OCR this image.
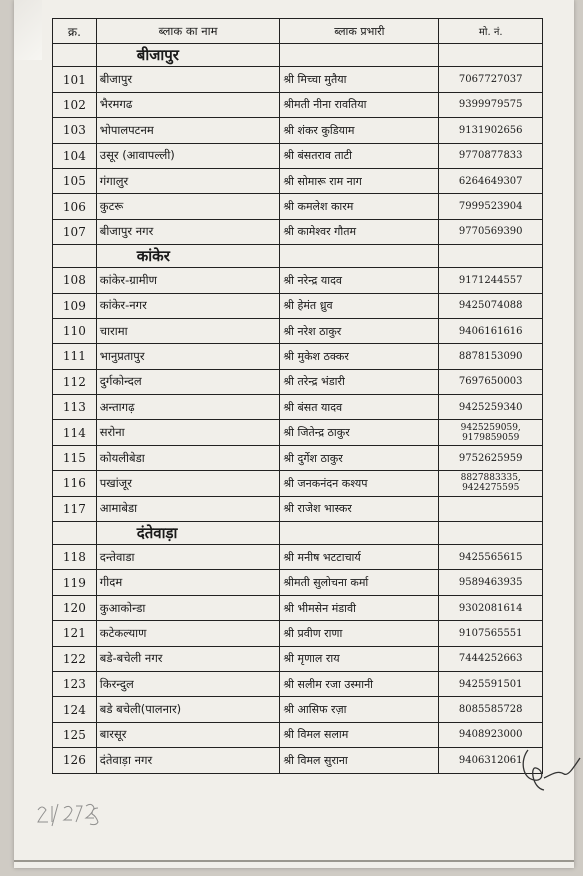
क्र.	ब्लाक का नाम	ब्लाक प्रभारी	मो. नं.
	बीजापुर		
101	बीजापुर	श्री मिच्चा मुतैया	7067727037
102	भैरमगढ	श्रीमती नीना रावतिया	9399979575
103	भोपालपटनम	श्री शंकर कुडियाम	9131902656
104	उसूर (आवापल्ली)	श्री बंसतराव ताटी	9770877833
105	गंगालुर	श्री सोमारू राम नाग	6264649307
106	कुटरू	श्री कमलेश कारम	7999523904
107	बीजापुर नगर	श्री कामेश्वर गौतम	9770569390
	कांकेर		
108	कांकेर-ग्रामीण	श्री नरेन्द्र यादव	9171244557
109	कांकेर-नगर	श्री हेमंत ध्रुव	9425074088
110	चारामा	श्री नरेश ठाकुर	9406161616
111	भानुप्रतापुर	श्री मुकेश ठक्कर	8878153090
112	दुर्गकोन्दल	श्री तरेन्द्र भंडारी	7697650003
113	अन्तागढ़	श्री बंसत यादव	9425259340
114	सरोना	श्री जितेन्द्र ठाकुर	9425259059, 9179859059
115	कोयलीबेडा	श्री दुर्गेश ठाकुर	9752625959
116	पखांजूर	श्री जनकनंदन कश्यप	8827883335, 9424275595
117	आमाबेडा	श्री राजेश भास्कर	
	दंतेवाड़ा		
118	दन्तेवाडा	श्री मनीष भटटाचार्य	9425565615
119	गीदम	श्रीमती सुलोचना कर्मा	9589463935
120	कुआकोन्डा	श्री भीमसेन मंडावी	9302081614
121	कटेकल्याण	श्री प्रवीण राणा	9107565551
122	बडे-बचेली नगर	श्री मृणाल राय	7444252663
123	किरन्दुल	श्री सलीम रजा उस्मानी	9425591501
124	बडे बचेली(पालनार)	श्री आसिफ रज़ा	8085585728
125	बारसूर	श्री विमल सलाम	9408923000
126	दंतेवाड़ा नगर	श्री विमल सुराना	9406312061
